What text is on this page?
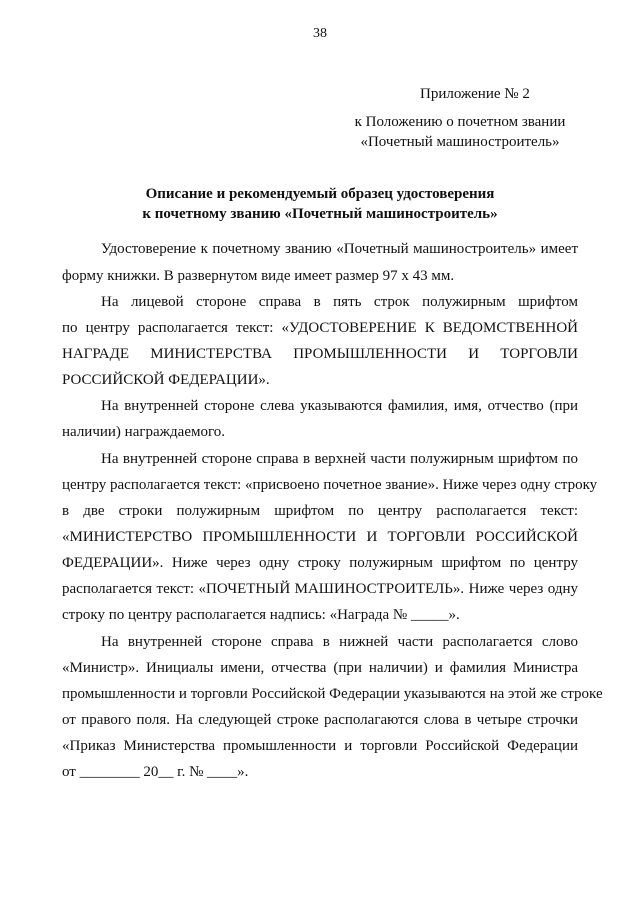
38
Приложение № 2
к Положению о почетном звании
«Почетный машиностроитель»
Описание и рекомендуемый образец удостоверения
к почетному званию «Почетный машиностроитель»
Удостоверение к почетному званию «Почетный машиностроитель» имеет
форму книжки. В развернутом виде имеет размер 97 х 43 мм.
На лицевой стороне справа в пять строк полужирным шрифтом
по центру располагается текст: «УДОСТОВЕРЕНИЕ К ВЕДОМСТВЕННОЙ
НАГРАДЕ МИНИСТЕРСТВА ПРОМЫШЛЕННОСТИ И ТОРГОВЛИ
РОССИЙСКОЙ ФЕДЕРАЦИИ».
На внутренней стороне слева указываются фамилия, имя, отчество (при
наличии) награждаемого.
На внутренней стороне справа в верхней части полужирным шрифтом по
центру располагается текст: «присвоено почетное звание». Ниже через одну строку
в две строки полужирным шрифтом по центру располагается текст:
«МИНИСТЕРСТВО ПРОМЫШЛЕННОСТИ И ТОРГОВЛИ РОССИЙСКОЙ
ФЕДЕРАЦИИ». Ниже через одну строку полужирным шрифтом по центру
располагается текст: «ПОЧЕТНЫЙ МАШИНОСТРОИТЕЛЬ». Ниже через одну
строку по центру располагается надпись: «Награда № _____».
На внутренней стороне справа в нижней части располагается слово
«Министр». Инициалы имени, отчества (при наличии) и фамилия Министра
промышленности и торговли Российской Федерации указываются на этой же строке
от правого поля. На следующей строке располагаются слова в четыре строчки
«Приказ Министерства промышленности и торговли Российской Федерации
от ________ 20__ г. № ____».
